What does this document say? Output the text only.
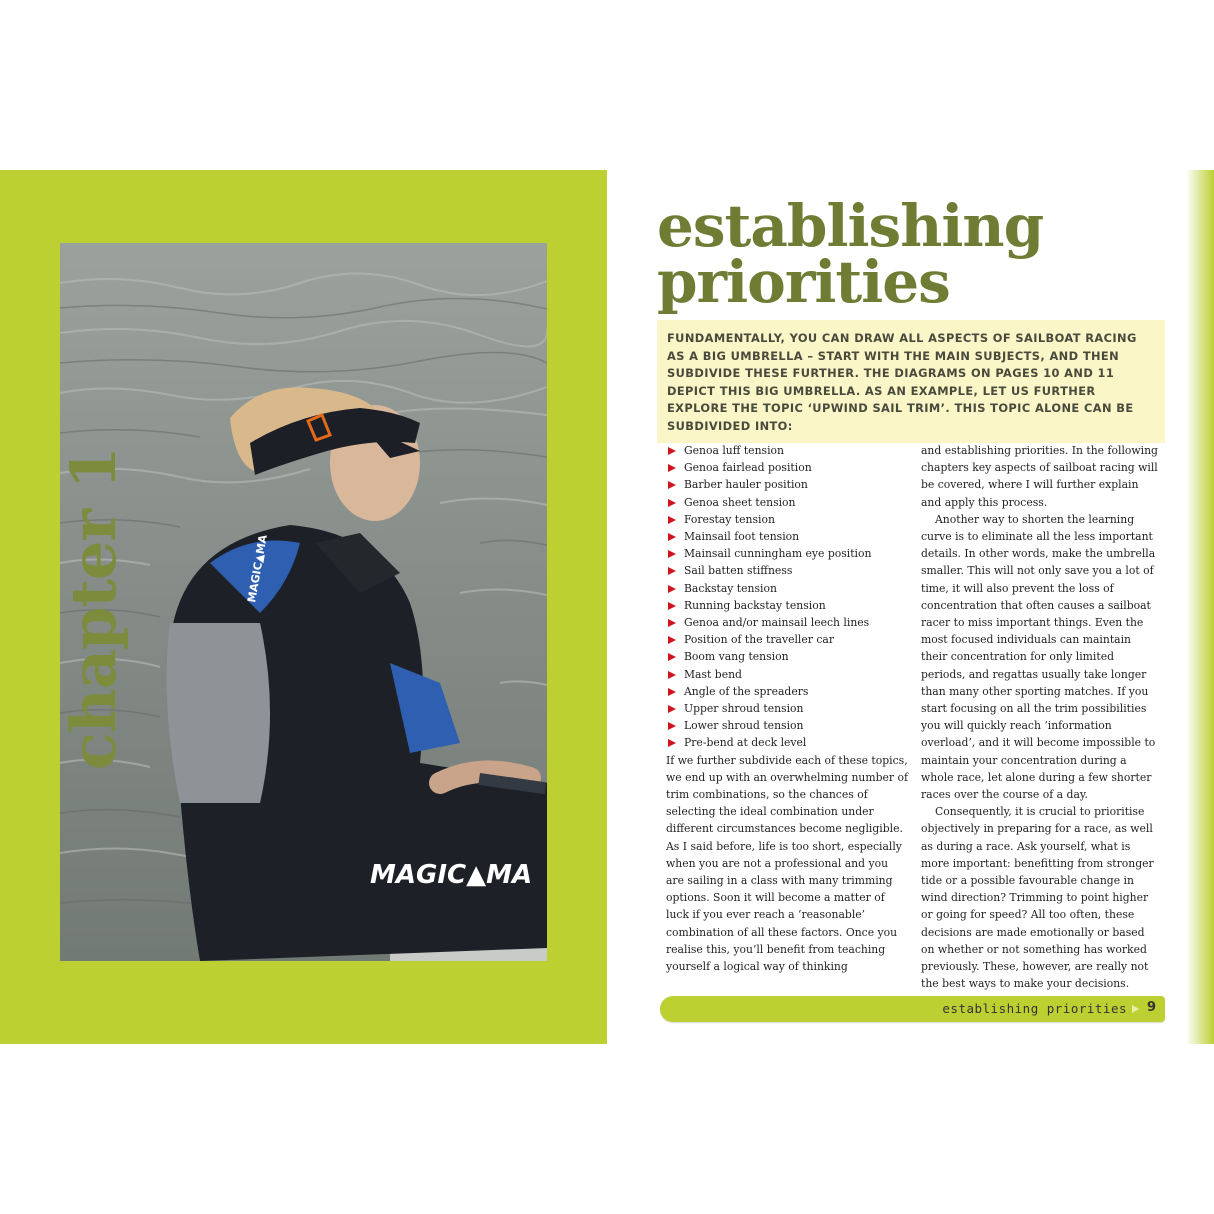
MAGIC▲MA
MAGIC▲MA
chapter 1
establishing
priorities
FUNDAMENTALLY, YOU CAN DRAW ALL ASPECTS OF SAILBOAT RACING AS A BIG UMBRELLA – START WITH THE MAIN SUBJECTS, AND THEN SUBDIVIDE THESE FURTHER. THE DIAGRAMS ON PAGES 10 AND 11 DEPICT THIS BIG UMBRELLA. AS AN EXAMPLE, LET US FURTHER EXPLORE THE TOPIC ‘UPWIND SAIL TRIM’. THIS TOPIC ALONE CAN BE SUBDIVIDED INTO:
Genoa luff tension
Genoa fairlead position
Barber hauler position
Genoa sheet tension
Forestay tension
Mainsail foot tension
Mainsail cunningham eye position
Sail batten stiffness
Backstay tension
Running backstay tension
Genoa and/or mainsail leech lines
Position of the traveller car
Boom vang tension
Mast bend
Angle of the spreaders
Upper shroud tension
Lower shroud tension
Pre-bend at deck level

If we further subdivide each of these topics, we end up with an overwhelming number of trim combinations, so the chances of selecting the ideal combination under different circumstances become negligible. As I said before, life is too short, especially when you are not a professional and you are sailing in a class with many trimming options. Soon it will become a matter of luck if you ever reach a ‘reasonable’ combination of all these factors. Once you realise this, you’ll benefit from teaching yourself a logical way of thinking

and establishing priorities. In the following chapters key aspects of sailboat racing will be covered, where I will further explain and apply this process.

Another way to shorten the learning curve is to eliminate all the less important details. In other words, make the umbrella smaller. This will not only save you a lot of time, it will also prevent the loss of concentration that often causes a sailboat racer to miss important things. Even the most focused individuals can maintain their concentration for only limited periods, and regattas usually take longer than many other sporting matches. If you start focusing on all the trim possibilities you will quickly reach ‘information overload’, and it will become impossible to maintain your concentration during a whole race, let alone during a few shorter races over the course of a day.

Consequently, it is crucial to prioritise objectively in preparing for a race, as well as during a race. Ask yourself, what is more important: benefitting from stronger tide or a possible favourable change in wind direction? Trimming to point higher or going for speed? All too often, these decisions are made emotionally or based on whether or not something has worked previously. These, however, are really not the best ways to make your decisions.

establishing priorities 9
